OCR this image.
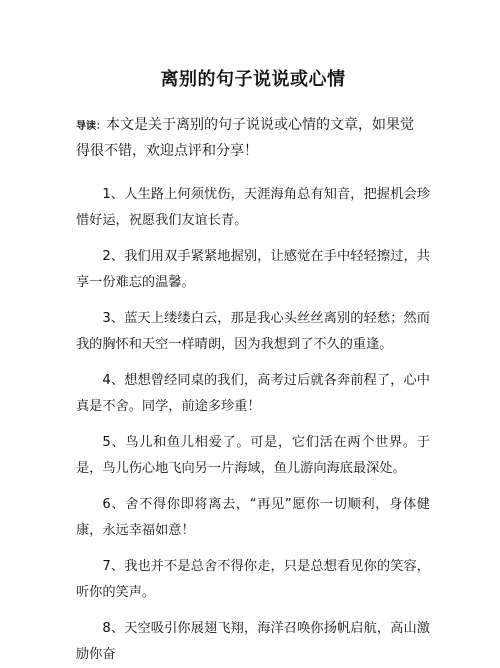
离别的句子说说或心情
导读：本文是关于离别的句子说说或心情的文章，如果觉得很不错，欢迎点评和分享！

1、人生路上何须忧伤，天涯海角总有知音，把握机会珍惜好运，祝愿我们友谊长青。

2、我们用双手紧紧地握别，让感觉在手中轻轻擦过，共享一份难忘的温馨。

3、蓝天上缕缕白云，那是我心头丝丝离别的轻愁；然而我的胸怀和天空一样晴朗，因为我想到了不久的重逢。

4、想想曾经同桌的我们，高考过后就各奔前程了，心中真是不舍。同学，前途多珍重！

5、鸟儿和鱼儿相爱了。可是，它们活在两个世界。于是，鸟儿伤心地飞向另一片海域，鱼儿游向海底最深处。

6、舍不得你即将离去，“再见”愿你一切顺利，身体健康，永远幸福如意！

7、我也并不是总舍不得你走，只是总想看见你的笑容，听你的笑声。

8、天空吸引你展翅飞翔，海洋召唤你扬帆启航，高山激励你奋
